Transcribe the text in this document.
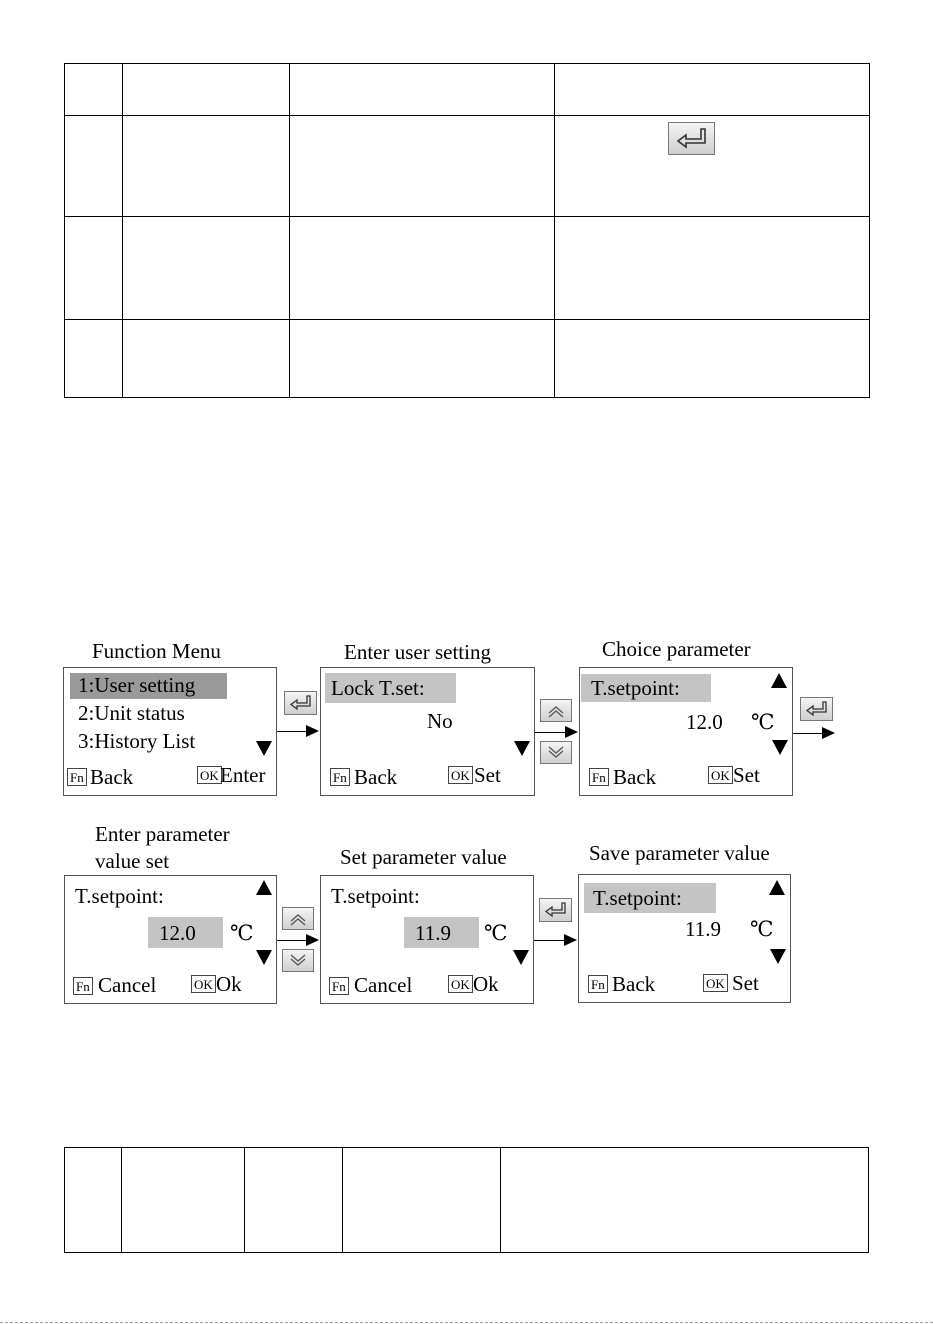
Function Menu
1:User setting
2:Unit status
3:History List
Fn Back	OK Enter
Enter user setting
Lock T.set:
No
Fn Back	OK Set
Choice parameter
T.setpoint:
12.0 ℃
Fn Back	OK Set
Enter parameter
value set
T.setpoint:
12.0 ℃
Fn Cancel	OK Ok
Set parameter value
T.setpoint:
11.9 ℃
Fn Cancel	OK Ok
Save parameter value
T.setpoint:
11.9 ℃
Fn Back	OK Set
